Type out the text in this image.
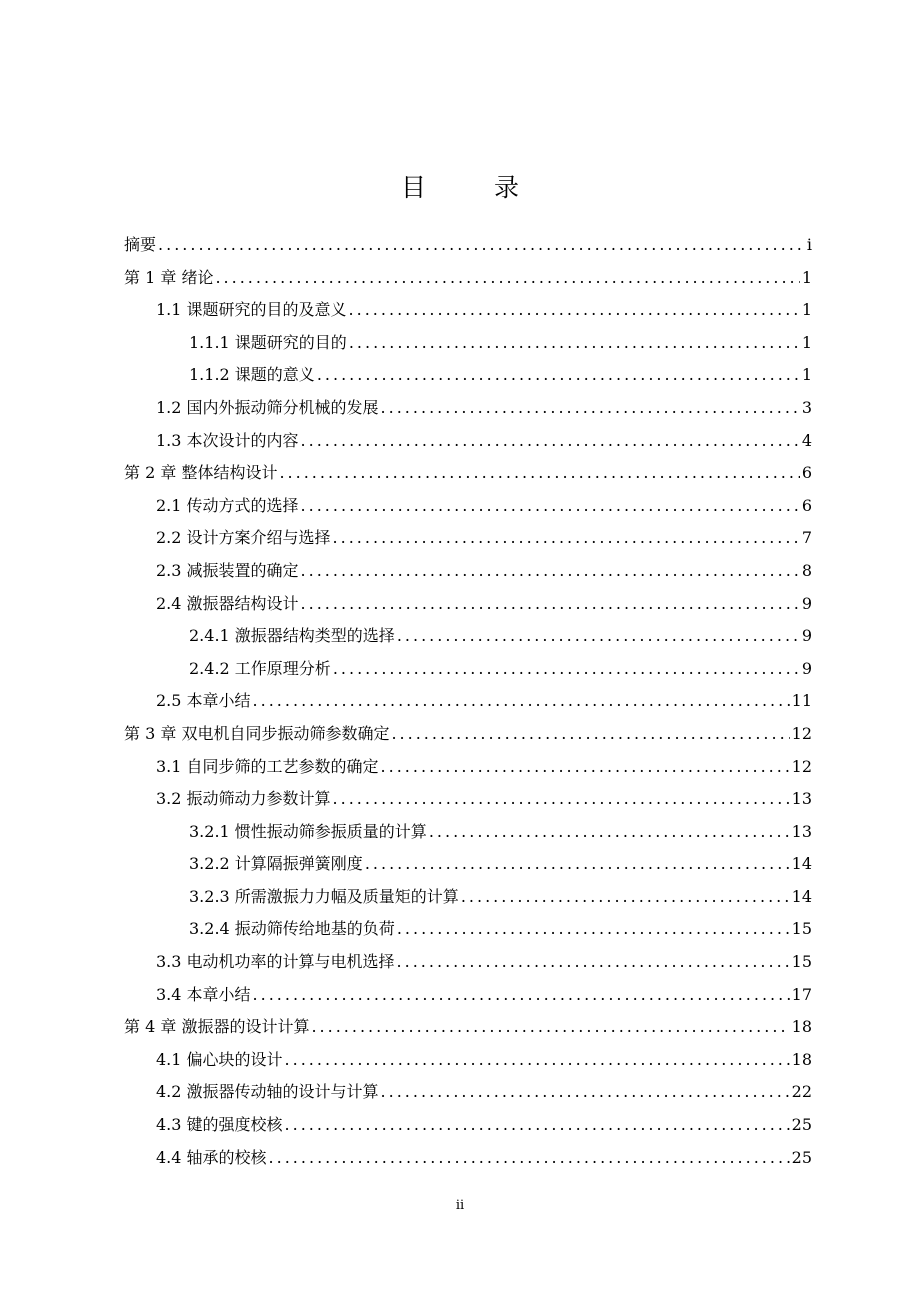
目 录
摘要 .....	i
第 1 章 绪论 .....	1
1.1 课题研究的目的及意义 .....	1
1.1.1 课题研究的目的 .....	1
1.1.2 课题的意义 .....	1
1.2 国内外振动筛分机械的发展 .....	3
1.3 本次设计的内容 .....	4
第 2 章 整体结构设计 .....	6
2.1 传动方式的选择 .....	6
2.2 设计方案介绍与选择 .....	7
2.3 减振装置的确定 .....	8
2.4 激振器结构设计 .....	9
2.4.1 激振器结构类型的选择 .....	9
2.4.2 工作原理分析 .....	9
2.5 本章小结 .....	11
第 3 章 双电机自同步振动筛参数确定 .....	12
3.1 自同步筛的工艺参数的确定 .....	12
3.2 振动筛动力参数计算 .....	13
3.2.1 惯性振动筛参振质量的计算 .....	13
3.2.2 计算隔振弹簧刚度 .....	14
3.2.3 所需激振力力幅及质量矩的计算 .....	14
3.2.4 振动筛传给地基的负荷 .....	15
3.3 电动机功率的计算与电机选择 .....	15
3.4 本章小结 .....	17
第 4 章 激振器的设计计算 .....	18
4.1 偏心块的设计 .....	18
4.2 激振器传动轴的设计与计算 .....	22
4.3 键的强度校核 .....	25
4.4 轴承的校核 .....	25
ii
